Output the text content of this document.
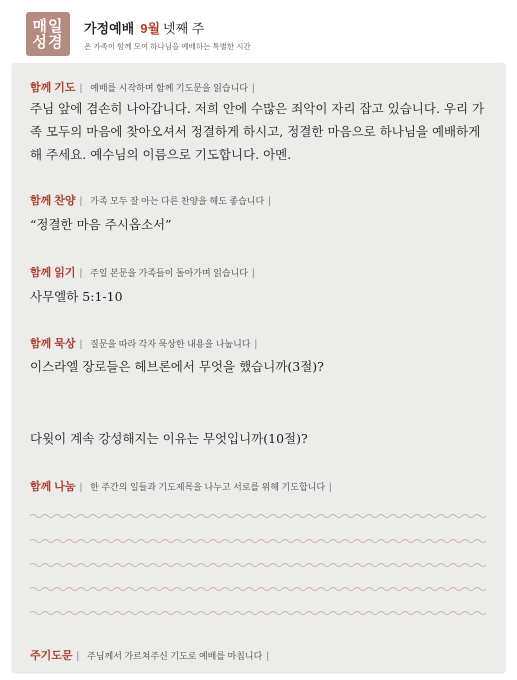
매일
성경
가정예배 9월 넷째 주
온 가족이 함께 모여 하나님을 예배하는 특별한 시간
함께 기도 | 예배를 시작하며 함께 기도문을 읽습니다 |
주님 앞에 겸손히 나아갑니다. 저희 안에 수많은 죄악이 자리 잡고 있습니다. 우리 가
족 모두의 마음에 찾아오셔서 정결하게 하시고, 정결한 마음으로 하나님을 예배하게
해 주세요. 예수님의 이름으로 기도합니다. 아멘.
함께 찬양 | 가족 모두 잘 아는 다른 찬양을 해도 좋습니다 |
“정결한 마음 주시옵소서”
함께 읽기 | 주일 본문을 가족들이 돌아가며 읽습니다 |
사무엘하 5:1-10
함께 묵상 | 질문을 따라 각자 묵상한 내용을 나눕니다 |
이스라엘 장로들은 헤브론에서 무엇을 했습니까(3절)?
다윗이 계속 강성해지는 이유는 무엇입니까(10절)?
함께 나눔 | 한 주간의 일들과 기도제목을 나누고 서로를 위해 기도합니다 |
주기도문 | 주님께서 가르쳐주신 기도로 예배를 마칩니다 |
